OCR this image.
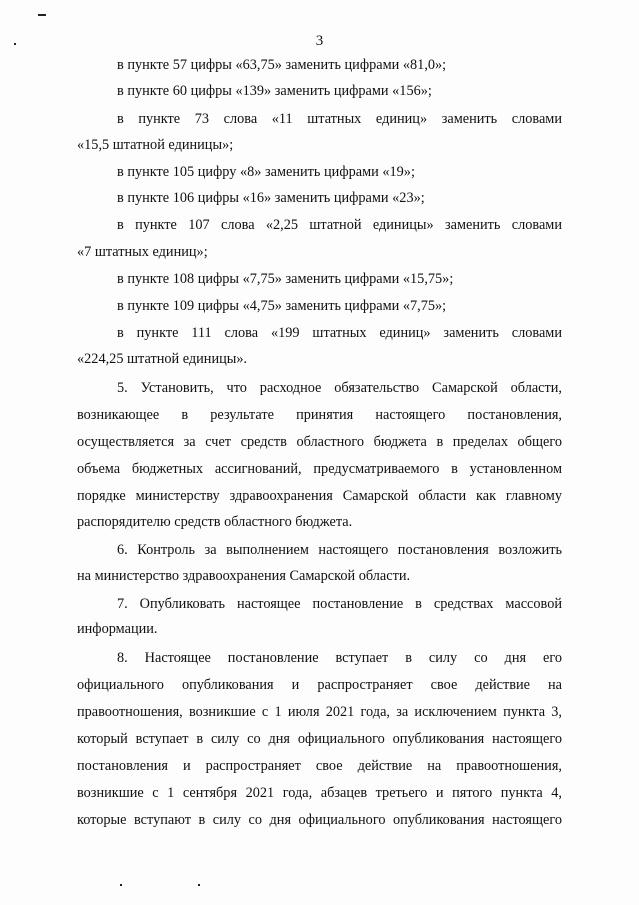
3
в пункте 57 цифры «63,75» заменить цифрами «81,0»;
в пункте 60 цифры «139» заменить цифрами «156»;
в пункте 73 слова «11 штатных единиц» заменить словами
«15,5 штатной единицы»;
в пункте 105 цифру «8» заменить цифрами «19»;
в пункте 106 цифры «16» заменить цифрами «23»;
в пункте 107 слова «2,25 штатной единицы» заменить словами
«7 штатных единиц»;
в пункте 108 цифры «7,75» заменить цифрами «15,75»;
в пункте 109 цифры «4,75» заменить цифрами «7,75»;
в пункте 111 слова «199 штатных единиц» заменить словами
«224,25 штатной единицы».
5. Установить, что расходное обязательство Самарской области,
возникающее в результате принятия настоящего постановления,
осуществляется за счет средств областного бюджета в пределах общего
объема бюджетных ассигнований, предусматриваемого в установленном
порядке министерству здравоохранения Самарской области как главному
распорядителю средств областного бюджета.
6. Контроль за выполнением настоящего постановления возложить
на министерство здравоохранения Самарской области.
7. Опубликовать настоящее постановление в средствах массовой
информации.
8. Настоящее постановление вступает в силу со дня его
официального опубликования и распространяет свое действие на
правоотношения, возникшие с 1 июля 2021 года, за исключением пункта 3,
который вступает в силу со дня официального опубликования настоящего
постановления и распространяет свое действие на правоотношения,
возникшие с 1 сентября 2021 года, абзацев третьего и пятого пункта 4,
которые вступают в силу со дня официального опубликования настоящего
